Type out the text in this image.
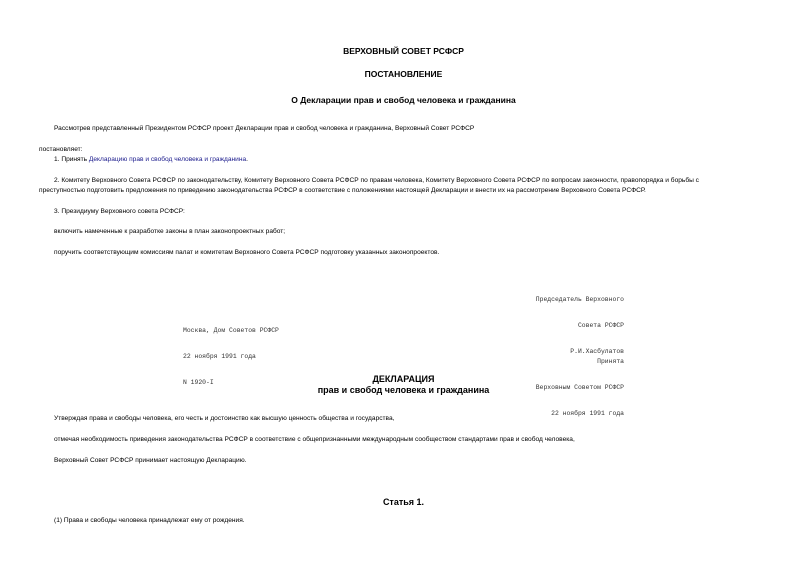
ВЕРХОВНЫЙ СОВЕТ РСФСР
ПОСТАНОВЛЕНИЕ
О Декларации прав и свобод человека и гражданина
Рассмотрев представленный Президентом РСФСР проект Декларации прав и свобод человека и гражданина, Верховный Совет РСФСР
постановляет:
1. Принять Декларацию прав и свобод человека и гражданина.
2. Комитету Верховного Совета РСФСР по законодательству, Комитету Верховного Совета РСФСР по правам человека, Комитету Верховного Совета РСФСР по вопросам законности, правопорядка и борьбы с
преступностью подготовить предложения по приведению законодательства РСФСР в соответствие с положениями настоящей Декларации и внести их на рассмотрение Верховного Совета РСФСР.
3. Президиуму Верховного совета РСФСР:
включить намеченные к разработке законы в план законопроектных работ;
поручить соответствующим комиссиям палат и комитетам Верховного Совета РСФСР подготовку указанных законопроектов.

Председатель Верховного

Совета РСФСР

Р.И.Хасбулатов

Москва, Дом Советов РСФСР

22 ноября 1991 года

N 1920-I

Принята

Верховным Советом РСФСР

22 ноября 1991 года

ДЕКЛАРАЦИЯ
прав и свобод человека и гражданина
Утверждая права и свободы человека, его честь и достоинство как высшую ценность общества и государства,
отмечая необходимость приведения законодательства РСФСР в соответствие с общепризнанными международным сообществом стандартами прав и свобод человека,
Верховный Совет РСФСР принимает настоящую Декларацию.
Статья 1.
(1) Права и свободы человека принадлежат ему от рождения.
